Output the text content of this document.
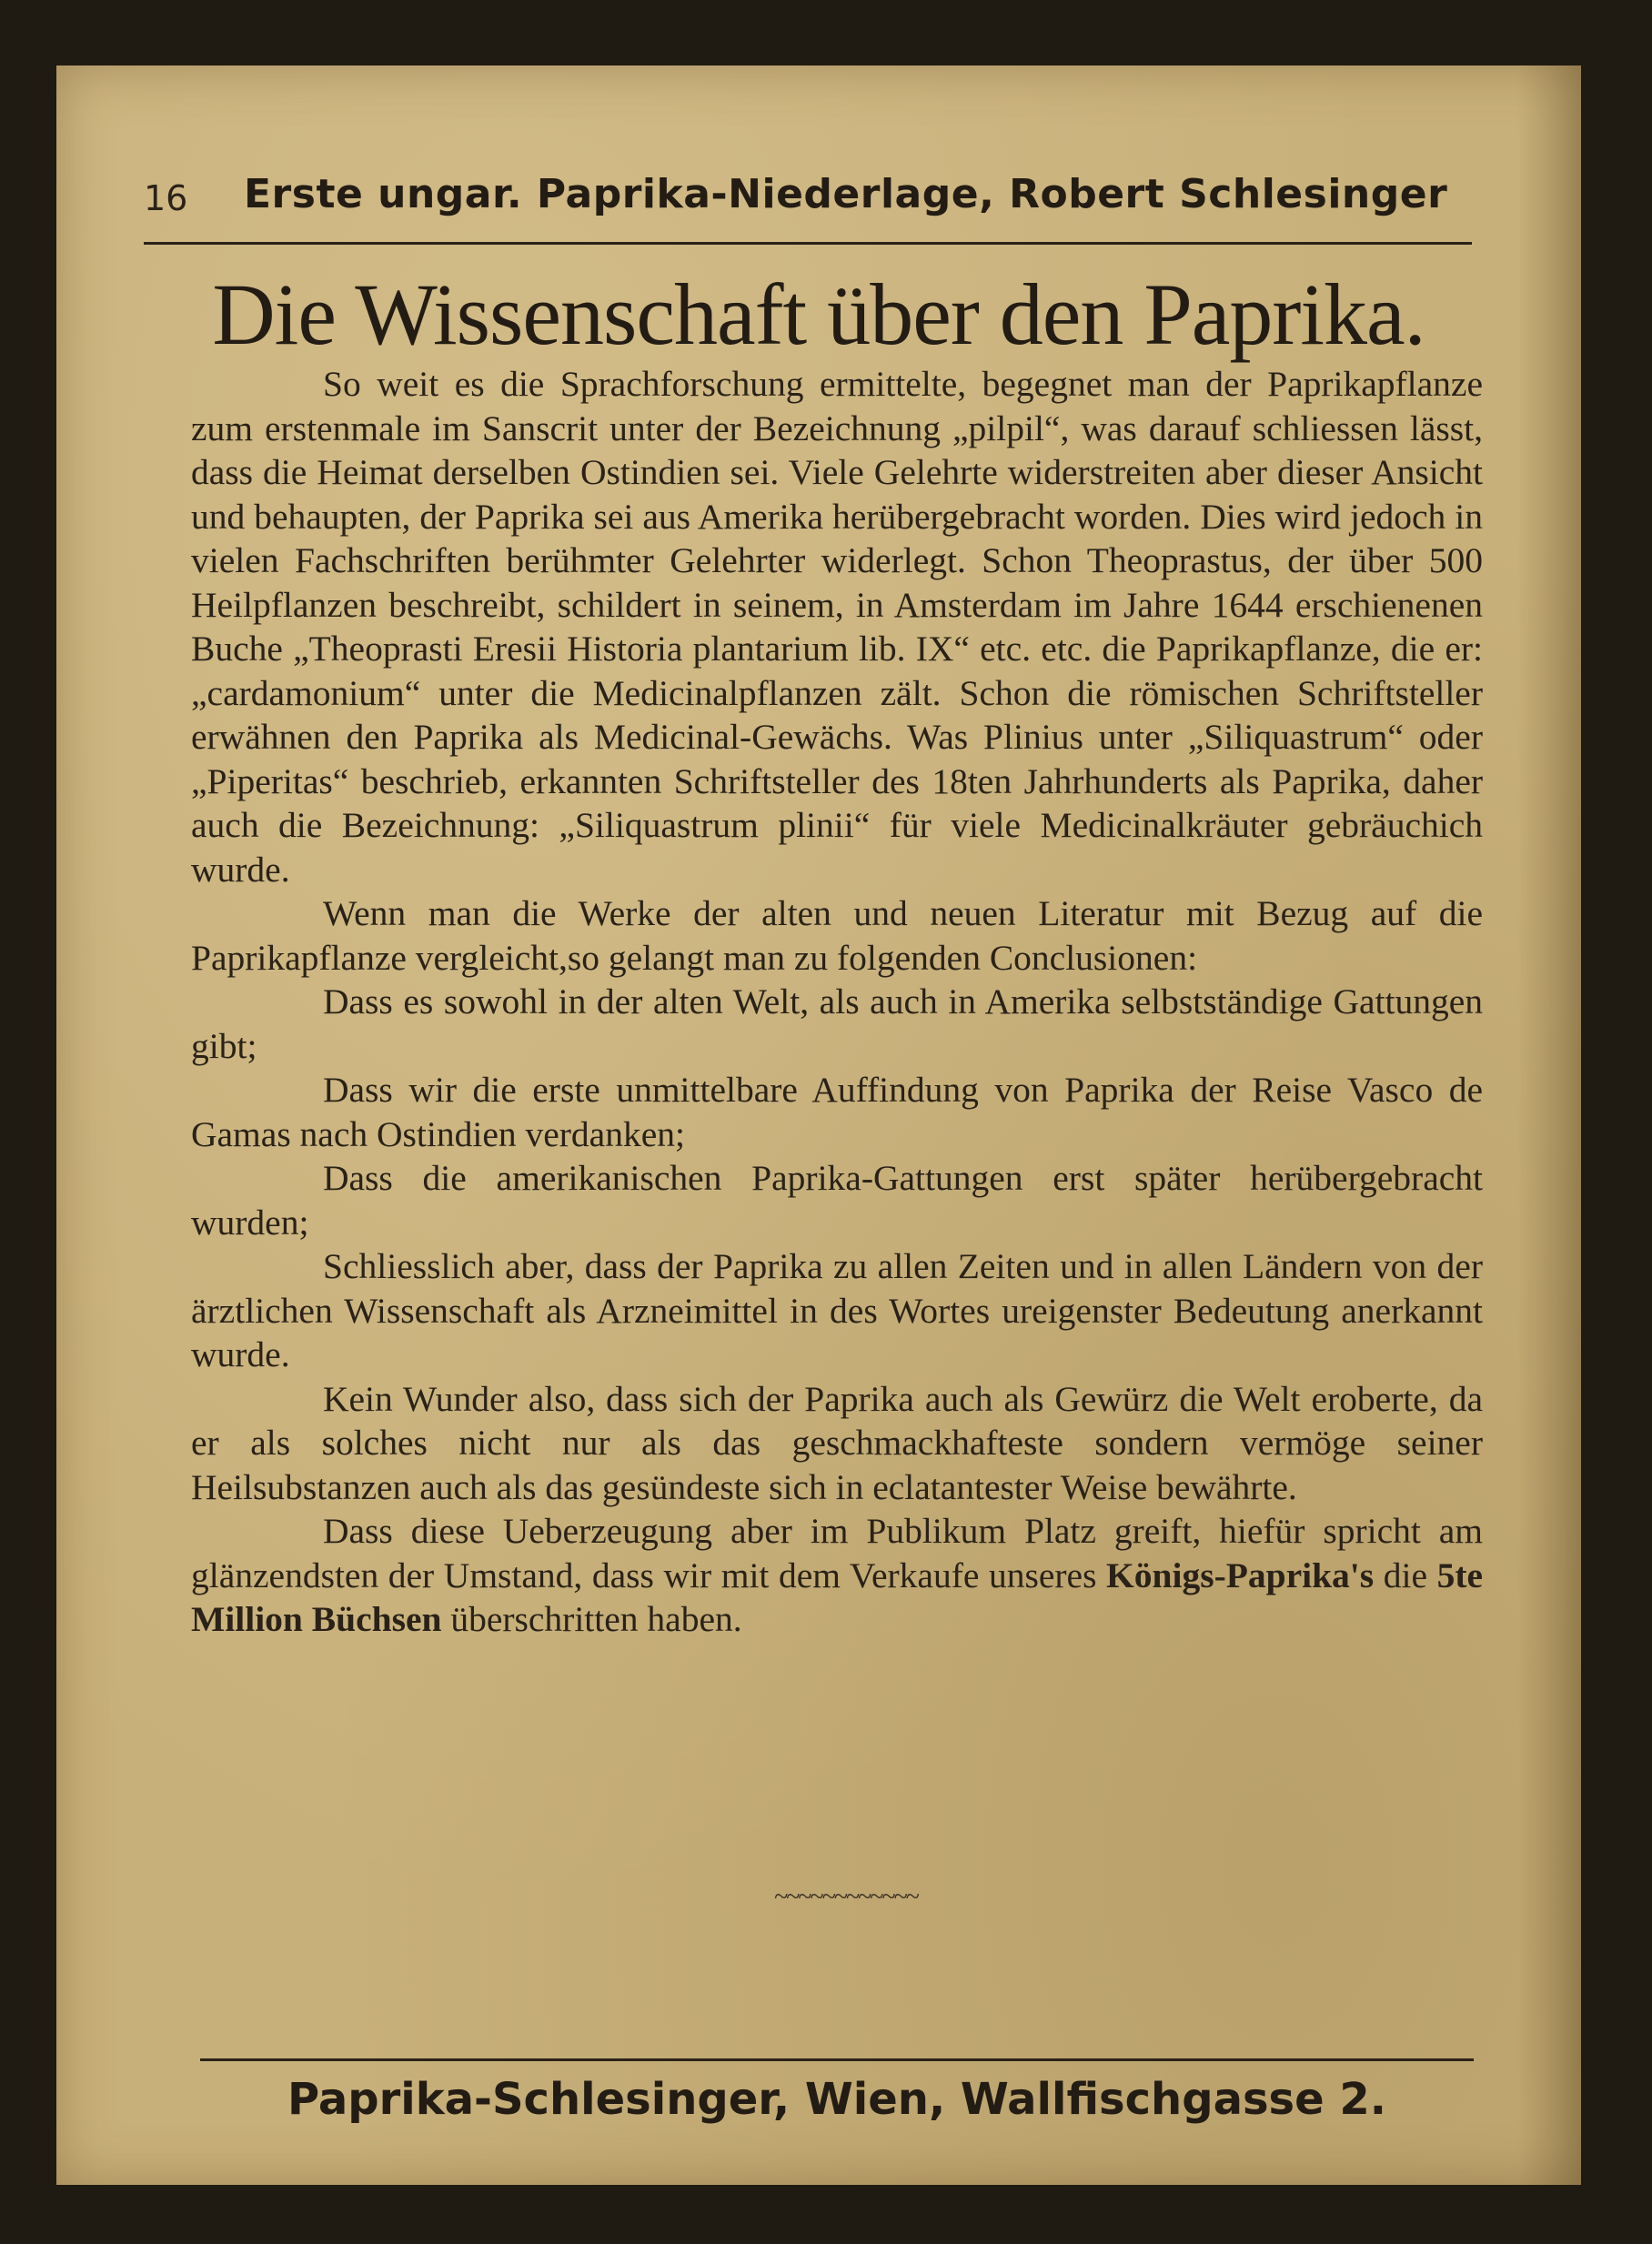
16 Erste ungar. Paprika-Niederlage, Robert Schlesinger
Die Wissenschaft über den Paprika.

So weit es die Sprachforschung ermittelte, begegnet man der Paprikapflanze zum erstenmale im Sanscrit unter der Bezeichnung „pilpil“, was darauf schliessen lässt, dass die Heimat derselben Ostindien sei. Viele Gelehrte widerstreiten aber dieser Ansicht und behaupten, der Paprika sei aus Amerika herübergebracht worden. Dies wird jedoch in vielen Fachschriften berühmter Gelehrter widerlegt. Schon Theoprastus, der über 500 Heilpflanzen beschreibt, schildert in seinem, in Amsterdam im Jahre 1644 erschienenen Buche „Theoprasti Eresii Historia plantarium lib. IX“ etc. etc. die Paprikapflanze, die er: „cardamonium“ unter die Medicinalpflanzen zält. Schon die römischen Schriftsteller erwähnen den Paprika als Medicinal-Gewächs. Was Plinius unter „Siliquastrum“ oder „Piperitas“ beschrieb, erkannten Schriftsteller des 18ten Jahrhunderts als Paprika, daher auch die Bezeichnung: „Siliquastrum plinii“ für viele Medicinalkräuter gebräuchich wurde.

Wenn man die Werke der alten und neuen Literatur mit Bezug auf die Paprikapflanze vergleicht,so gelangt man zu folgenden Conclusionen:

Dass es sowohl in der alten Welt, als auch in Amerika selbstständige Gattungen gibt;

Dass wir die erste unmittelbare Auffindung von Paprika der Reise Vasco de Gamas nach Ostindien verdanken;

Dass die amerikanischen Paprika-Gattungen erst später herübergebracht wurden;

Schliesslich aber, dass der Paprika zu allen Zeiten und in allen Ländern von der ärztlichen Wissenschaft als Arzneimittel in des Wortes ureigenster Bedeutung anerkannt wurde.

Kein Wunder also, dass sich der Paprika auch als Gewürz die Welt eroberte, da er als solches nicht nur als das geschmackhafteste sondern vermöge seiner Heilsubstanzen auch als das gesündeste sich in eclatantester Weise bewährte.

Dass diese Ueberzeugung aber im Publikum Platz greift, hiefür spricht am glänzendsten der Umstand, dass wir mit dem Verkaufe unseres Königs-Paprika's die 5te Million Büchsen überschritten haben.

~~~~~~~~~~~~
Paprika-Schlesinger, Wien, Wallfischgasse 2.
